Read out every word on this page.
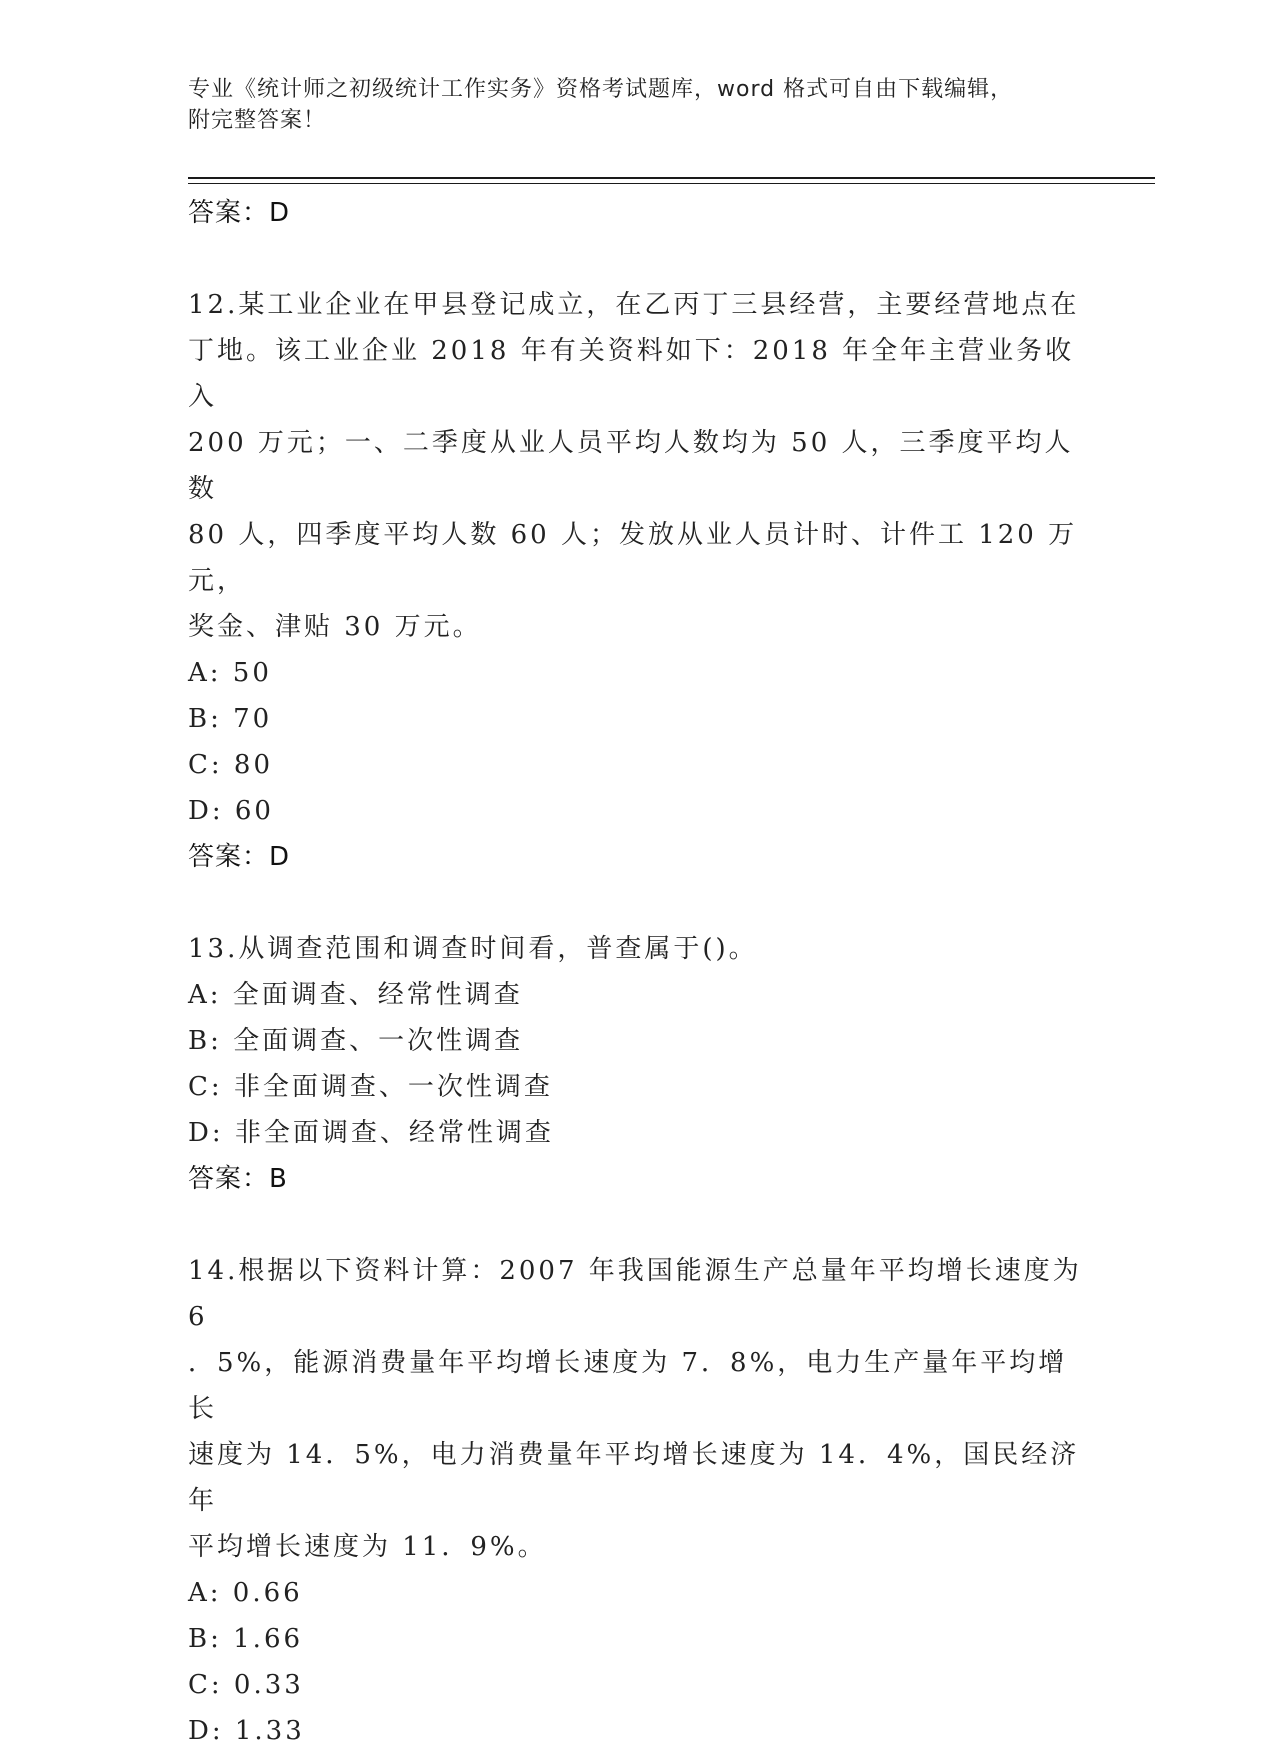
专业《统计师之初级统计工作实务》资格考试题库，word 格式可自由下载编辑，
附完整答案！
答案：D
12.某工业企业在甲县登记成立，在乙丙丁三县经营，主要经营地点在
丁地。该工业企业 2018 年有关资料如下：2018 年全年主营业务收入
200 万元；一、二季度从业人员平均人数均为 50 人，三季度平均人数
80 人，四季度平均人数 60 人；发放从业人员计时、计件工 120 万元，
奖金、津贴 30 万元。
A: 50
B: 70
C: 80
D: 60
答案：D
13.从调查范围和调查时间看，普查属于()。
A: 全面调查、经常性调查
B: 全面调查、一次性调查
C: 非全面调查、一次性调查
D: 非全面调查、经常性调查
答案：B
14.根据以下资料计算：2007 年我国能源生产总量年平均增长速度为 6
．5%，能源消费量年平均增长速度为 7．8%，电力生产量年平均增长
速度为 14．5%，电力消费量年平均增长速度为 14．4%，国民经济年
平均增长速度为 11．9%。
A: 0.66
B: 1.66
C: 0.33
D: 1.33
